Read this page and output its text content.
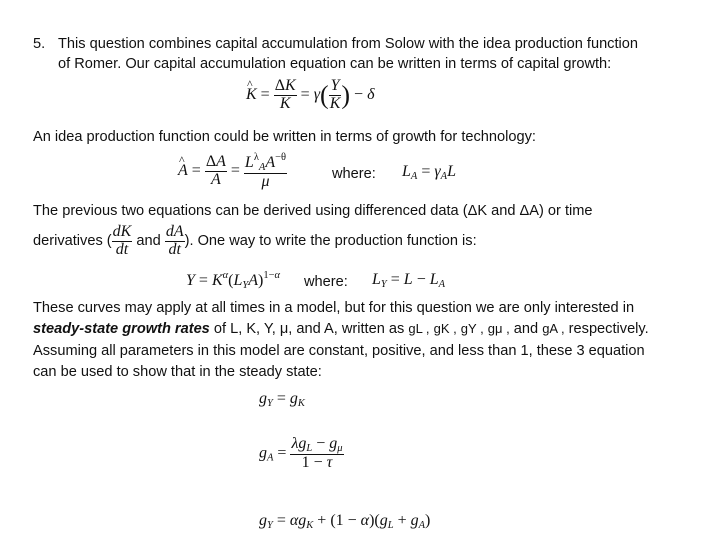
5. This question combines capital accumulation from Solow with the idea production function
of Romer. Our capital accumulation equation can be written in terms of capital growth:
^ $K = \frac{\Delta K}{K} = \gamma( \frac{Y}{K}$ ) − δ
An idea production function could be written in terms of growth for technology:
^ $A = \frac{\Delta A}{A} = \frac{L^\lambda_AA^{-\theta}}{\mu}$	where: $L_A = \gamma_AL$
The previous two equations can be derived using differenced data (ΔK and ΔA) or time
derivatives ( $\frac{dK}{dt}$ and $\frac{dA}{dt}$ ). One way to write the production function is:
$Y = K^\alpha(L_YA)^{1-\alpha}$ where: $L_Y = L - L_A$
These curves may apply at all times in a model, but for this question we are only interested in
steady-state growth rates of L, K, Y, μ, and A, written as gL , gK , gY , gμ , and gA , respectively.
Assuming all parameters in this model are constant, positive, and less than 1, these 3 equation
can be used to show that in the steady state:
$g_Y = g_K$
$g_A = \frac{\lambda g_L - g_\mu}{1 - \tau}$
$g_Y = \alpha g_K + (1 - \alpha)(g_L + g_A)$
